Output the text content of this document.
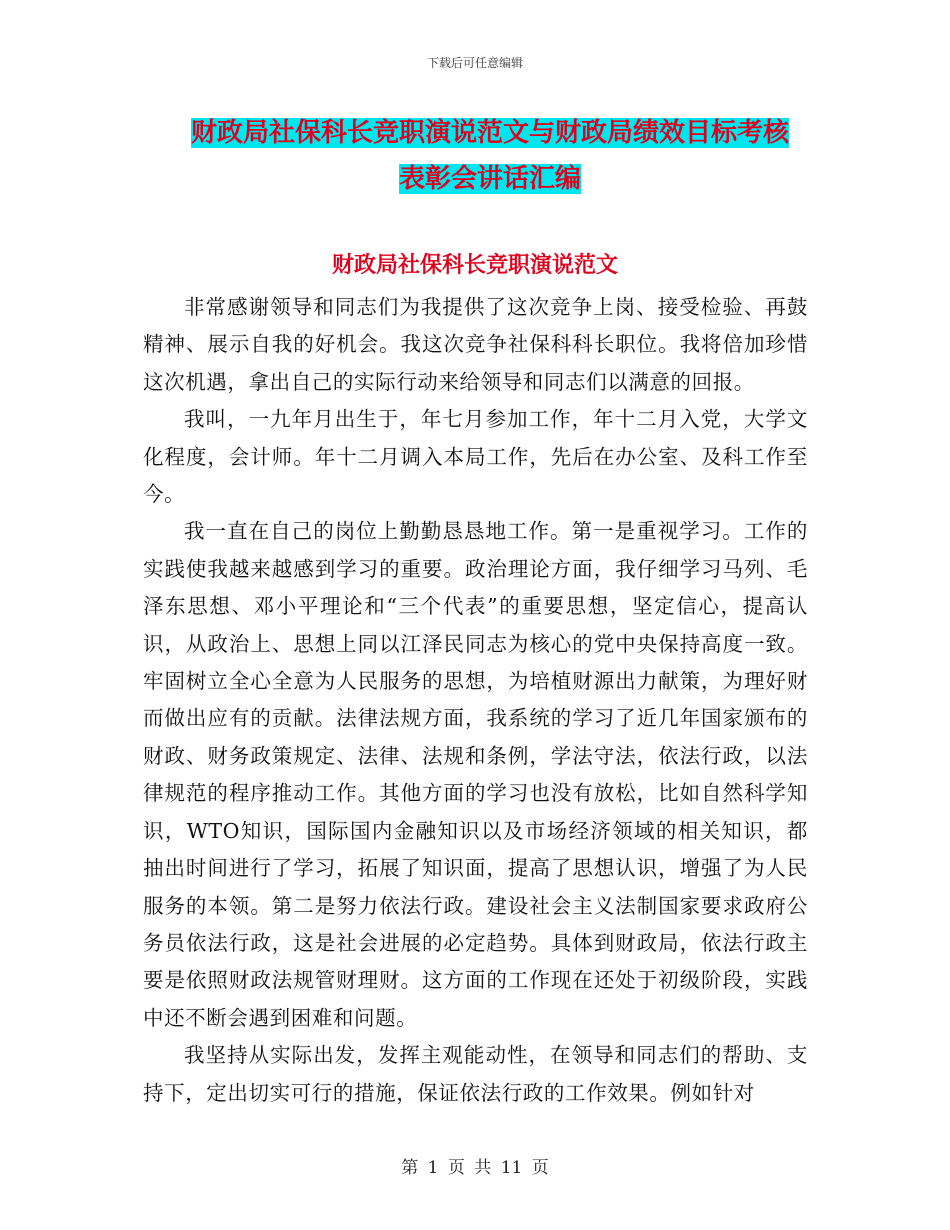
下载后可任意编辑
财政局社保科长竞职演说范文与财政局绩效目标考核
表彰会讲话汇编
财政局社保科长竞职演说范文

非常感谢领导和同志们为我提供了这次竞争上岗、接受检验、再鼓精神、展示自我的好机会。我这次竞争社保科科长职位。我将倍加珍惜这次机遇，拿出自己的实际行动来给领导和同志们以满意的回报。

我叫，一九年月出生于，年七月参加工作，年十二月入党，大学文化程度，会计师。年十二月调入本局工作，先后在办公室、及科工作至今。

我一直在自己的岗位上勤勤恳恳地工作。第一是重视学习。工作的实践使我越来越感到学习的重要。政治理论方面，我仔细学习马列、毛泽东思想、邓小平理论和“三个代表”的重要思想，坚定信心，提高认识，从政治上、思想上同以江泽民同志为核心的党中央保持高度一致。牢固树立全心全意为人民服务的思想，为培植财源出力献策，为理好财而做出应有的贡献。法律法规方面，我系统的学习了近几年国家颁布的财政、财务政策规定、法律、法规和条例，学法守法，依法行政，以法律规范的程序推动工作。其他方面的学习也没有放松，比如自然科学知识，WTO知识，国际国内金融知识以及市场经济领域的相关知识，都抽出时间进行了学习，拓展了知识面，提高了思想认识，增强了为人民服务的本领。第二是努力依法行政。建设社会主义法制国家要求政府公务员依法行政，这是社会进展的必定趋势。具体到财政局，依法行政主要是依照财政法规管财理财。这方面的工作现在还处于初级阶段，实践中还不断会遇到困难和问题。

我坚持从实际出发，发挥主观能动性，在领导和同志们的帮助、支持下，定出切实可行的措施，保证依法行政的工作效果。例如针对

第 1 页 共 11 页
